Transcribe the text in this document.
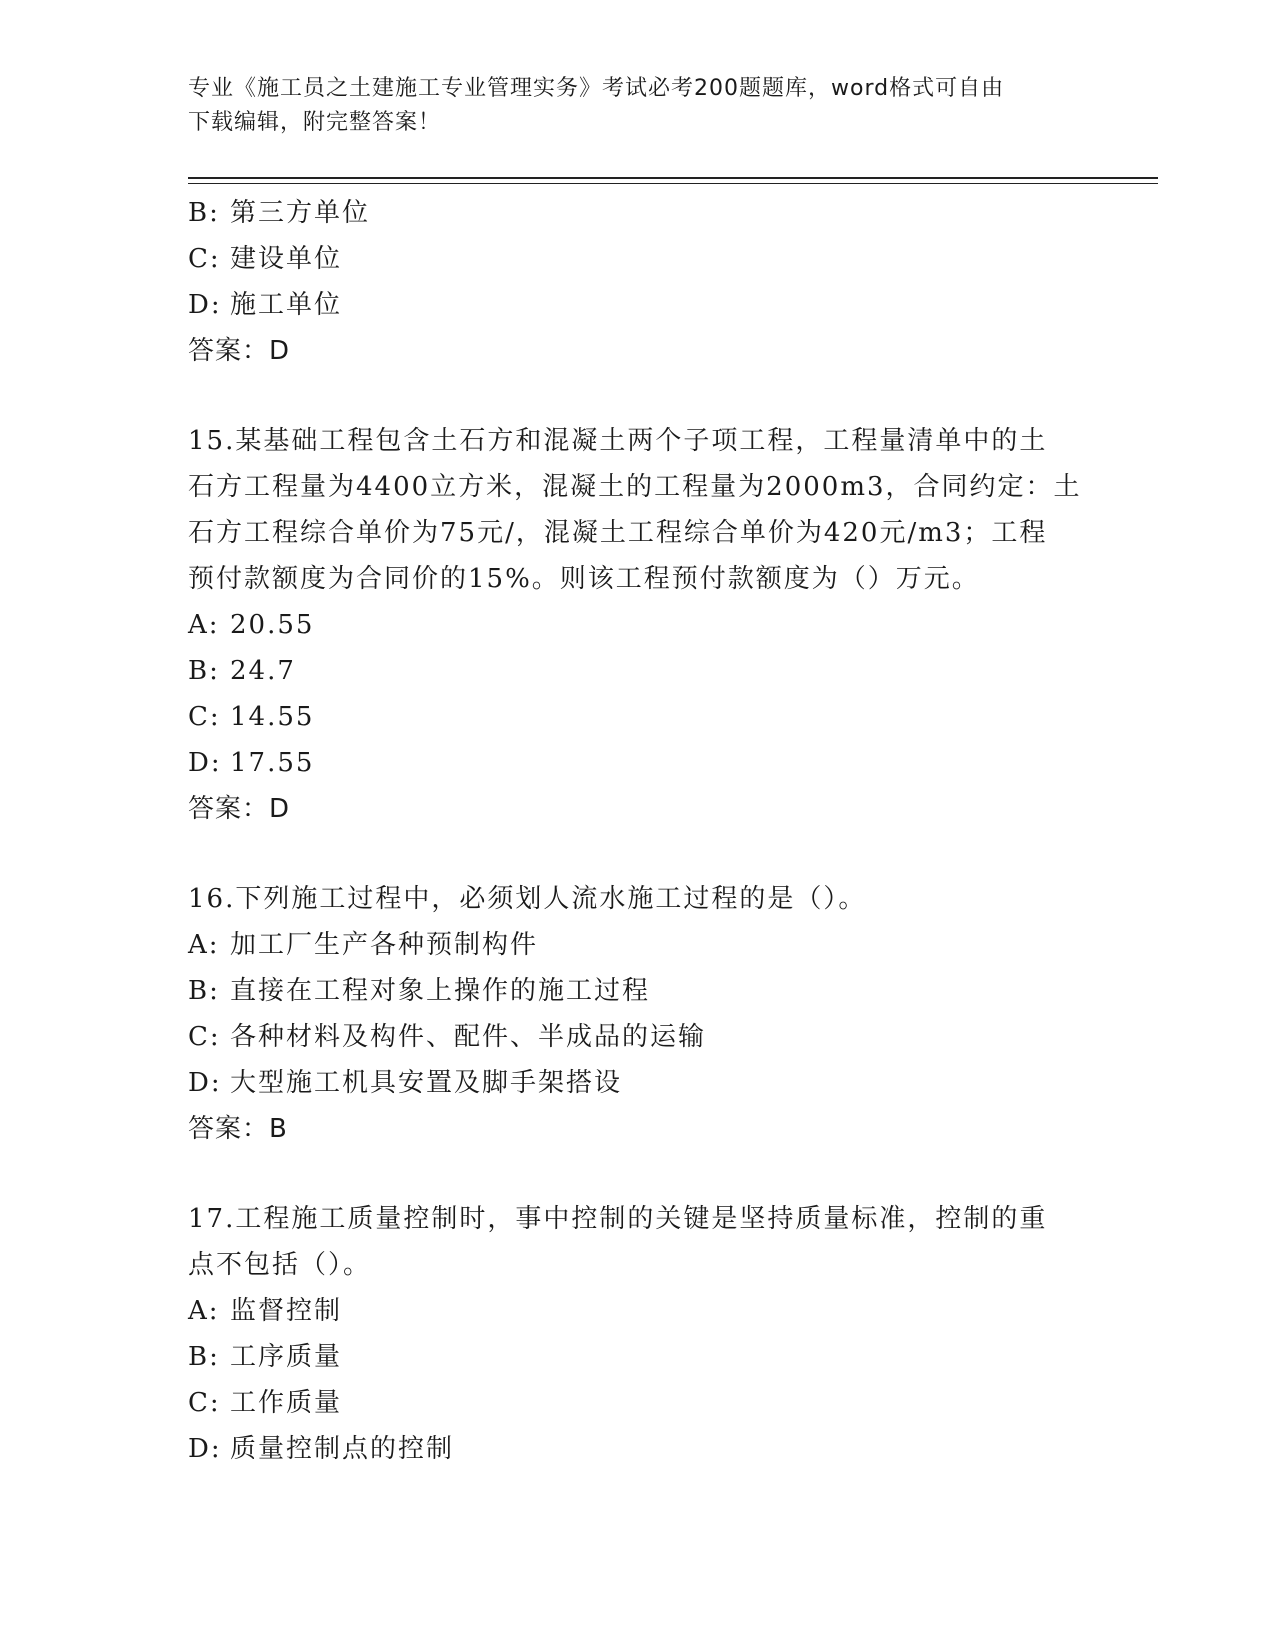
专业《施工员之土建施工专业管理实务》考试必考200题题库，word格式可自由
下载编辑，附完整答案！
B: 第三方单位
C: 建设单位
D: 施工单位
答案：D
15.某基础工程包含土石方和混凝土两个子项工程，工程量清单中的土
石方工程量为4400立方米，混凝土的工程量为2000m3，合同约定：土
石方工程综合单价为75元/，混凝土工程综合单价为420元/m3；工程
预付款额度为合同价的15%。则该工程预付款额度为（）万元。
A: 20.55
B: 24.7
C: 14.55
D: 17.55
答案：D
16.下列施工过程中，必须划人流水施工过程的是（）。
A: 加工厂生产各种预制构件
B: 直接在工程对象上操作的施工过程
C: 各种材料及构件、配件、半成品的运输
D: 大型施工机具安置及脚手架搭设
答案：B
17.工程施工质量控制时，事中控制的关键是坚持质量标准，控制的重
点不包括（）。
A: 监督控制
B: 工序质量
C: 工作质量
D: 质量控制点的控制
